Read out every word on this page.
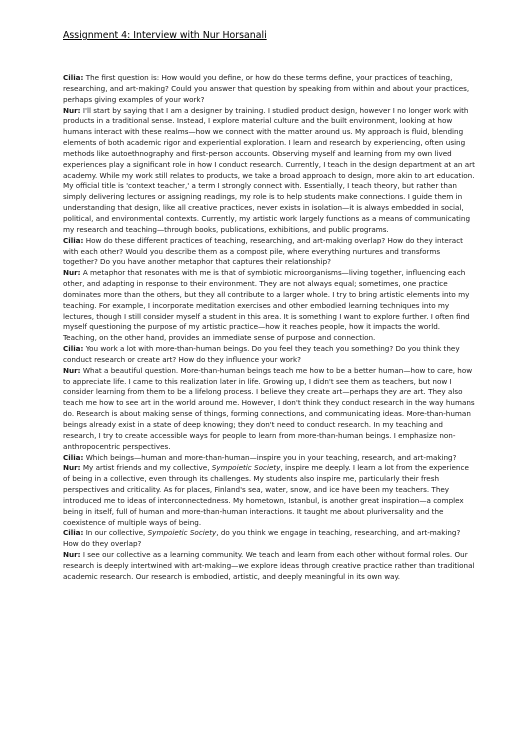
Assignment 4: Interview with Nur Horsanali

Cilia: The first question is: How would you define, or how do these terms define, your practices of teaching, researching, and art-making? Could you answer that question by speaking from within and about your practices, perhaps giving examples of your work?

Nur: I'll start by saying that I am a designer by training. I studied product design, however I no longer work with products in a traditional sense. Instead, I explore material culture and the built environment, looking at how humans interact with these realms—how we connect with the matter around us. My approach is fluid, blending elements of both academic rigor and experiential exploration. I learn and research by experiencing, often using methods like autoethnography and first-person accounts. Observing myself and learning from my own lived experiences play a significant role in how I conduct research. Currently, I teach in the design department at an art academy. While my work still relates to products, we take a broad approach to design, more akin to art education. My official title is 'context teacher,' a term I strongly connect with. Essentially, I teach theory, but rather than simply delivering lectures or assigning readings, my role is to help students make connections. I guide them in understanding that design, like all creative practices, never exists in isolation—it is always embedded in social, political, and environmental contexts. Currently, my artistic work largely functions as a means of communicating my research and teaching—through books, publications, exhibitions, and public programs.

Cilia: How do these different practices of teaching, researching, and art-making overlap? How do they interact with each other? Would you describe them as a compost pile, where everything nurtures and transforms together? Do you have another metaphor that captures their relationship?

Nur: A metaphor that resonates with me is that of symbiotic microorganisms—living together, influencing each other, and adapting in response to their environment. They are not always equal; sometimes, one practice dominates more than the others, but they all contribute to a larger whole. I try to bring artistic elements into my teaching. For example, I incorporate meditation exercises and other embodied learning techniques into my lectures, though I still consider myself a student in this area. It is something I want to explore further. I often find myself questioning the purpose of my artistic practice—how it reaches people, how it impacts the world. Teaching, on the other hand, provides an immediate sense of purpose and connection.

Cilia: You work a lot with more-than-human beings. Do you feel they teach you something? Do you think they conduct research or create art? How do they influence your work?

Nur: What a beautiful question. More-than-human beings teach me how to be a better human—how to care, how to appreciate life. I came to this realization later in life. Growing up, I didn't see them as teachers, but now I consider learning from them to be a lifelong process. I believe they create art—perhaps they are art. They also teach me how to see art in the world around me. However, I don't think they conduct research in the way humans do. Research is about making sense of things, forming connections, and communicating ideas. More-than-human beings already exist in a state of deep knowing; they don't need to conduct research. In my teaching and research, I try to create accessible ways for people to learn from more-than-human beings. I emphasize non-anthropocentric perspectives.

Cilia: Which beings—human and more-than-human—inspire you in your teaching, research, and art-making?

Nur: My artist friends and my collective, Sympoietic Society, inspire me deeply. I learn a lot from the experience of being in a collective, even through its challenges. My students also inspire me, particularly their fresh perspectives and criticality. As for places, Finland's sea, water, snow, and ice have been my teachers. They introduced me to ideas of interconnectedness. My hometown, Istanbul, is another great inspiration—a complex being in itself, full of human and more-than-human interactions. It taught me about pluriversality and the coexistence of multiple ways of being.

Cilia: In our collective, Sympoietic Society, do you think we engage in teaching, researching, and art-making? How do they overlap?

Nur: I see our collective as a learning community. We teach and learn from each other without formal roles. Our research is deeply intertwined with art-making—we explore ideas through creative practice rather than traditional academic research. Our research is embodied, artistic, and deeply meaningful in its own way.
